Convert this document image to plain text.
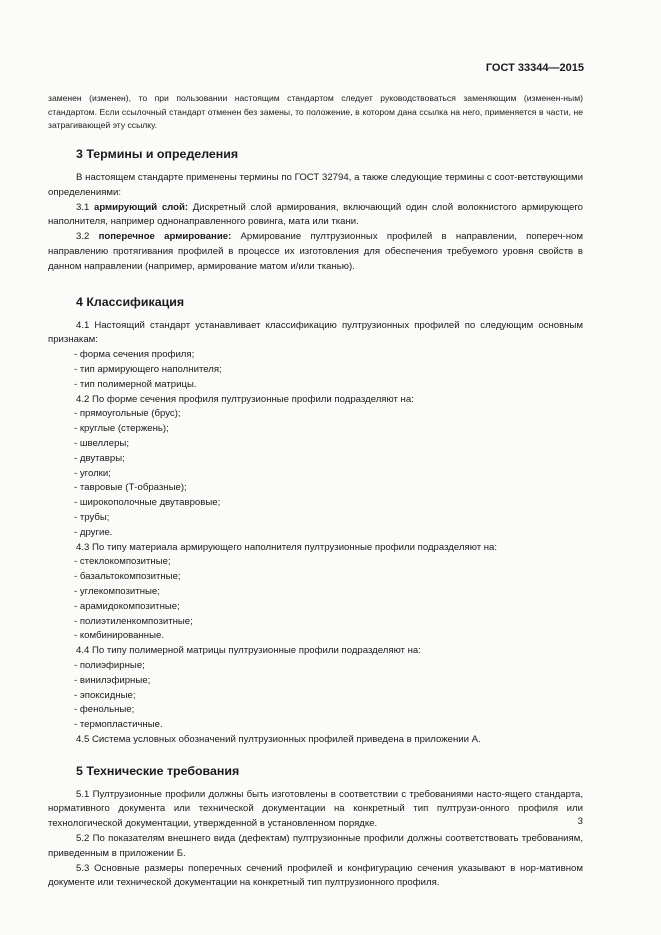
ГОСТ 33344—2015

заменен (изменен), то при пользовании настоящим стандартом следует руководствоваться заменяющим (изменен-ным) стандартом. Если ссылочный стандарт отменен без замены, то положение, в котором дана ссылка на него, применяется в части, не затрагивающей эту ссылку.

3 Термины и определения

В настоящем стандарте применены термины по ГОСТ 32794, а также следующие термины с соот-ветствующими определениями:

3.1 армирующий слой: Дискретный слой армирования, включающий один слой волокнистого армирующего наполнителя, например однонаправленного ровинга, мата или ткани.

3.2 поперечное армирование: Армирование пултрузионных профилей в направлении, попереч-ном направлению протягивания профилей в процессе их изготовления для обеспечения требуемого уровня свойств в данном направлении (например, армирование матом и/или тканью).

4 Классификация

4.1 Настоящий стандарт устанавливает классификацию пултрузионных профилей по следующим основным признакам:

- форма сечения профиля;
- тип армирующего наполнителя;
- тип полимерной матрицы.

4.2 По форме сечения профиля пултрузионные профили подразделяют на:

- прямоугольные (брус);
- круглые (стержень);
- швеллеры;
- двутавры;
- уголки;
- тавровые (Т-образные);
- широкополочные двутавровые;
- трубы;
- другие.

4.3 По типу материала армирующего наполнителя пултрузионные профили подразделяют на:

- стеклокомпозитные;
- базальтокомпозитные;
- углекомпозитные;
- арамидокомпозитные;
- полиэтиленкомпозитные;
- комбинированные.

4.4 По типу полимерной матрицы пултрузионные профили подразделяют на:

- полиэфирные;
- винилэфирные;
- эпоксидные;
- фенольные;
- термопластичные.

4.5 Система условных обозначений пултрузионных профилей приведена в приложении А.

5 Технические требования

5.1 Пултрузионные профили должны быть изготовлены в соответствии с требованиями насто-ящего стандарта, нормативного документа или технической документации на конкретный тип пултрузи-онного профиля или технологической документации, утвержденной в установленном порядке.

5.2 По показателям внешнего вида (дефектам) пултрузионные профили должны соответствовать требованиям, приведенным в приложении Б.

5.3 Основные размеры поперечных сечений профилей и конфигурацию сечения указывают в нор-мативном документе или технической документации на конкретный тип пултрузионного профиля.

3
